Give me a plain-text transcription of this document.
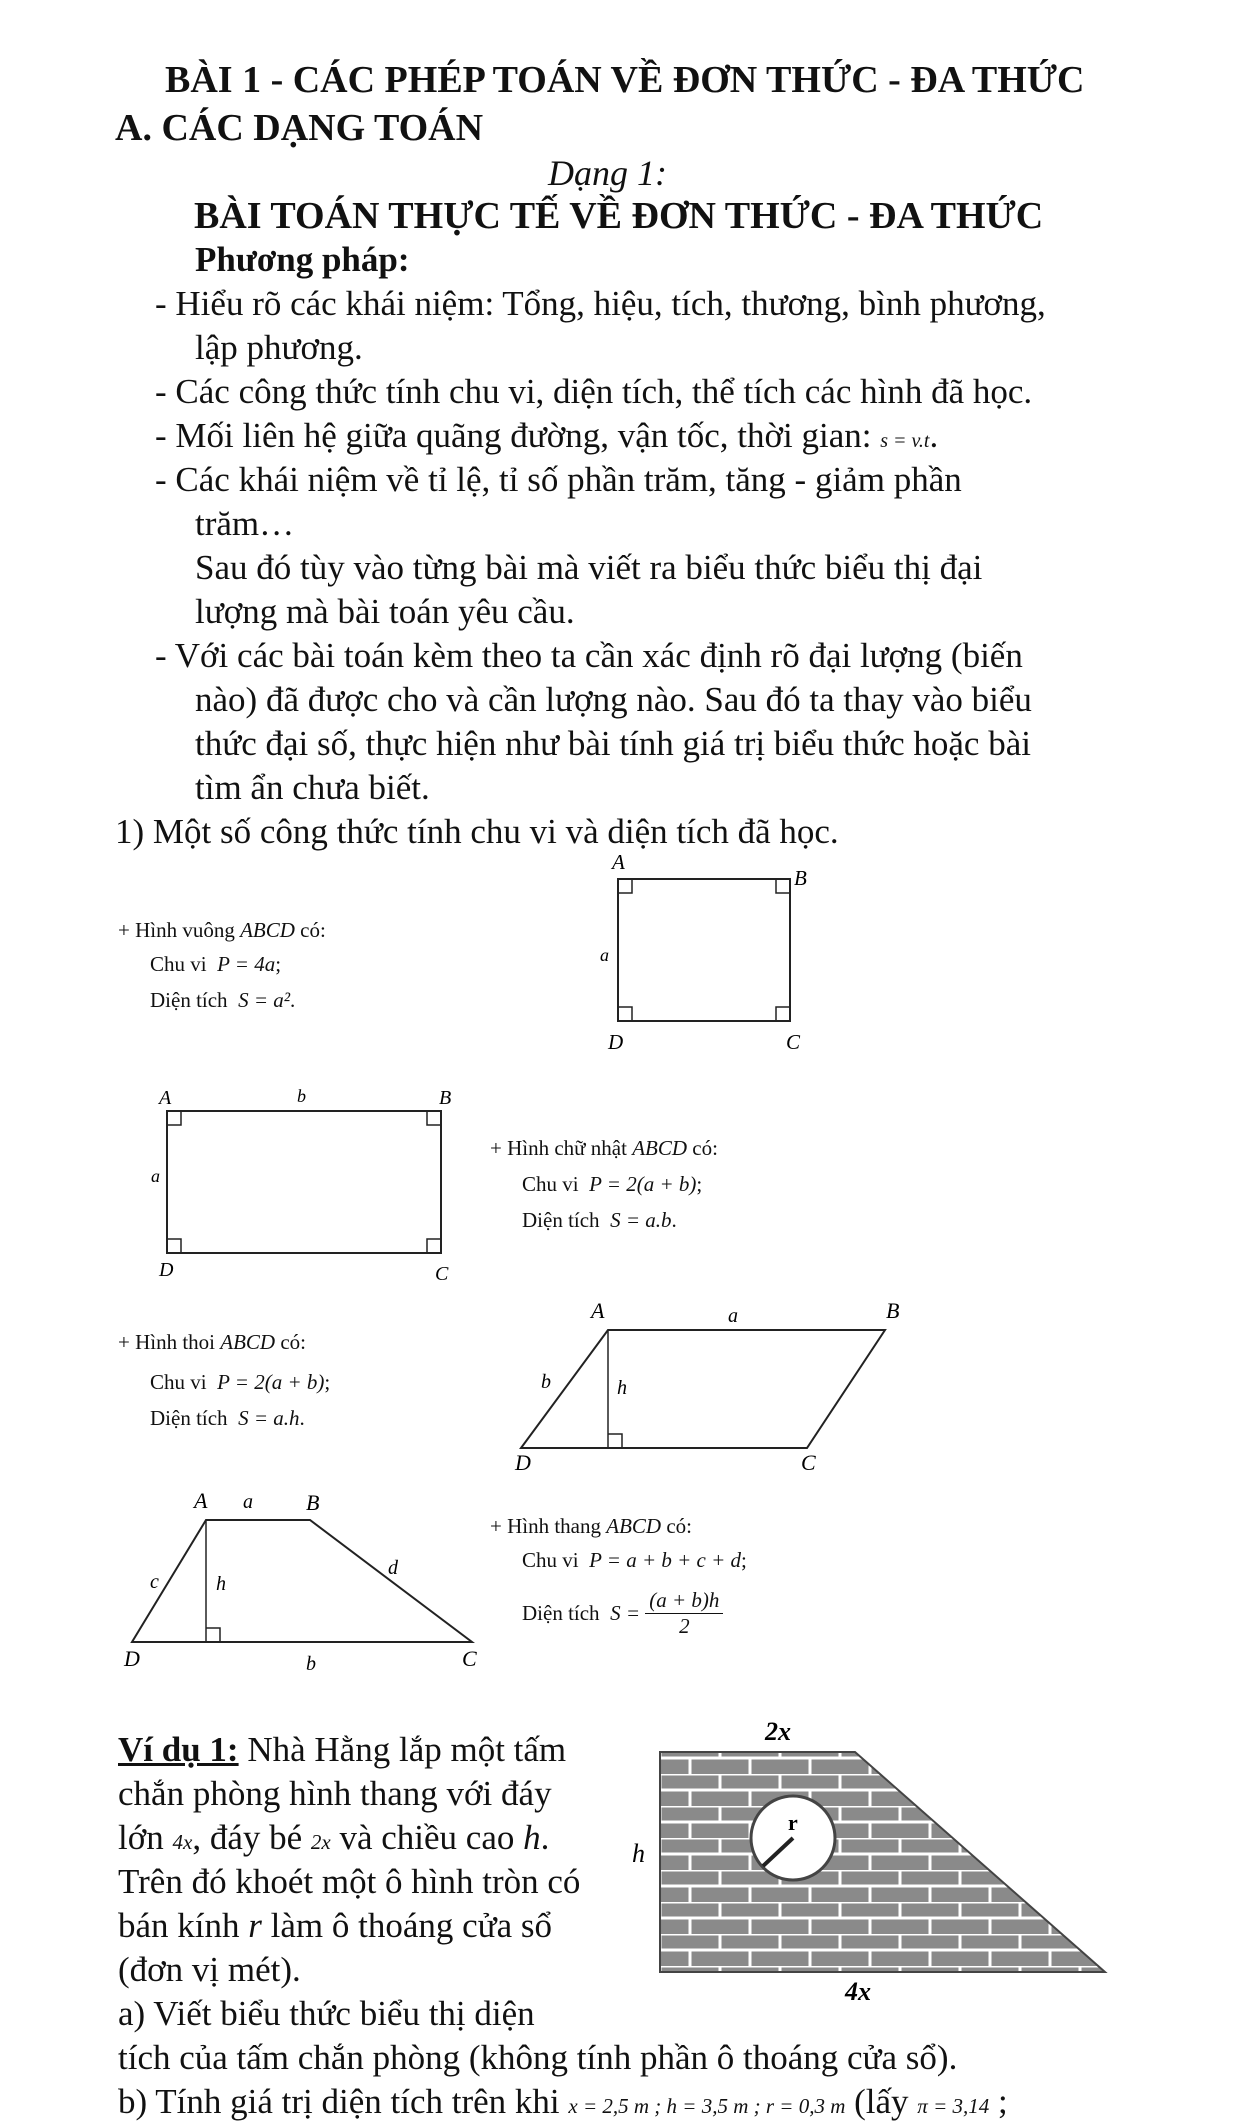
BÀI 1 - CÁC PHÉP TOÁN VỀ ĐƠN THỨC - ĐA THỨC
A. CÁC DẠNG TOÁN
Dạng 1:
BÀI TOÁN THỰC TẾ VỀ ĐƠN THỨC - ĐA THỨC
Phương pháp:
- Hiểu rõ các khái niệm: Tổng, hiệu, tích, thương, bình phương,
lập phương.
- Các công thức tính chu vi, diện tích, thể tích các hình đã học.
- Mối liên hệ giữa quãng đường, vận tốc, thời gian: s = v.t.
- Các khái niệm về tỉ lệ, tỉ số phần trăm, tăng - giảm phần
trăm…
Sau đó tùy vào từng bài mà viết ra biểu thức biểu thị đại
lượng mà bài toán yêu cầu.
- Với các bài toán kèm theo ta cần xác định rõ đại lượng (biến
nào) đã được cho và cần lượng nào. Sau đó ta thay vào biểu
thức đại số, thực hiện như bài tính giá trị biểu thức hoặc bài
tìm ẩn chưa biết.
1) Một số công thức tính chu vi và diện tích đã học.
+ Hình vuông ABCD có:
Chu vi P = 4a;
Diện tích S = a².
A
B
C
D
a
A	B
C
D
b
a
+ Hình chữ nhật ABCD có:
Chu vi P = 2(a + b);
Diện tích S = a.b.
+ Hình thoi ABCD có:
Chu vi P = 2(a + b);
Diện tích S = a.h.
A	B
C
D
a
b	h
A	B
C
D
a
b
c
d
h
+ Hình thang ABCD có:
Chu vi P = a + b + c + d;
Diện tích $S = \frac{(a + b)h}{2}$
Ví dụ 1: Nhà Hằng lắp một tấm
chắn phòng hình thang với đáy
lớn 4x, đáy bé 2x và chiều cao h.
Trên đó khoét một ô hình tròn có
bán kính r làm ô thoáng cửa sổ
(đơn vị mét).
a) Viết biểu thức biểu thị diện
tích của tấm chắn phòng (không tính phần ô thoáng cửa sổ).
b) Tính giá trị diện tích trên khi x = 2,5 m ; h = 3,5 m ; r = 0,3 m (lấy π = 3,14 ;
2x
h
r
4x
